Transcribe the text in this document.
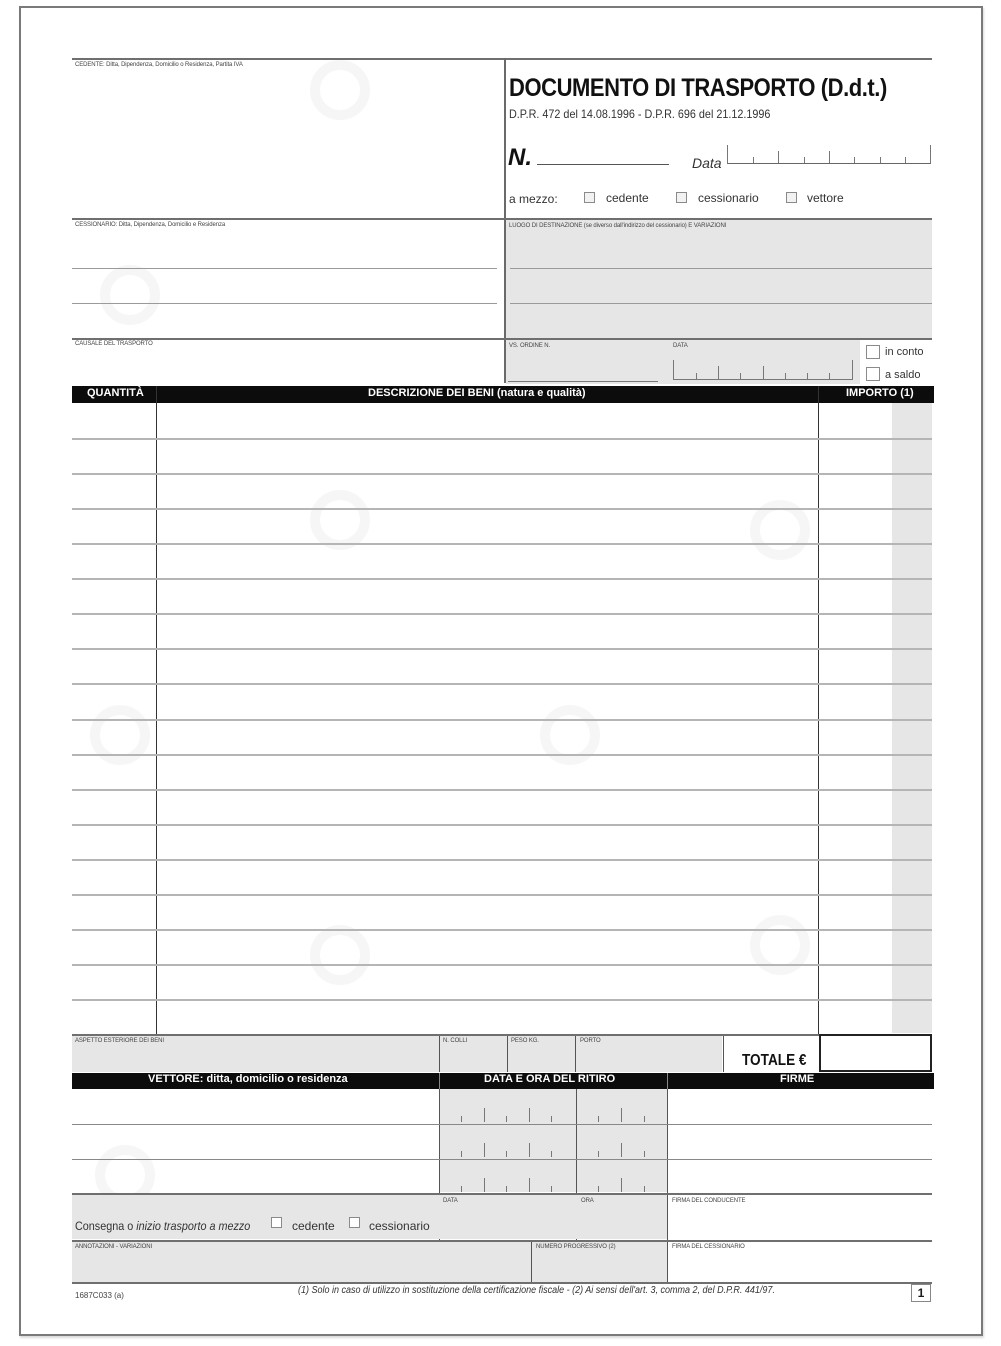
CEDENTE: Ditta, Dipendenza, Domicilio o Residenza, Partita IVA
DOCUMENTO DI TRASPORTO (D.d.t.)
D.P.R. 472 del 14.08.1996 - D.P.R. 696 del 21.12.1996
N.	Data
a mezzo:	cedente	cessionario	vettore
CESSIONARIO: Ditta, Dipendenza, Domicilio e Residenza	LUOGO DI DESTINAZIONE (se diverso dall'indirizzo del cessionario) E VARIAZIONI
CAUSALE DEL TRASPORTO	VS. ORDINE N.	DATA	in conto
a saldo
QUANTITÀ	DESCRIZIONE DEI BENI (natura e qualità)	IMPORTO (1)
ASPETTO ESTERIORE DEI BENI	N. COLLI	PESO KG.	PORTO
TOTALE €
VETTORE: ditta, domicilio o residenza	DATA E ORA DEL RITIRO	FIRME
Consegna o inizio trasporto a mezzo	cedente	cessionario
DATA	ORA	FIRMA DEL CONDUCENTE
ANNOTAZIONI - VARIAZIONI	NUMERO PROGRESSIVO (2)	FIRMA DEL CESSIONARIO
1687C033 (a)	(1) Solo in caso di utilizzo in sostituzione della certificazione fiscale - (2) Ai sensi dell'art. 3, comma 2, del D.P.R. 441/97.	1
